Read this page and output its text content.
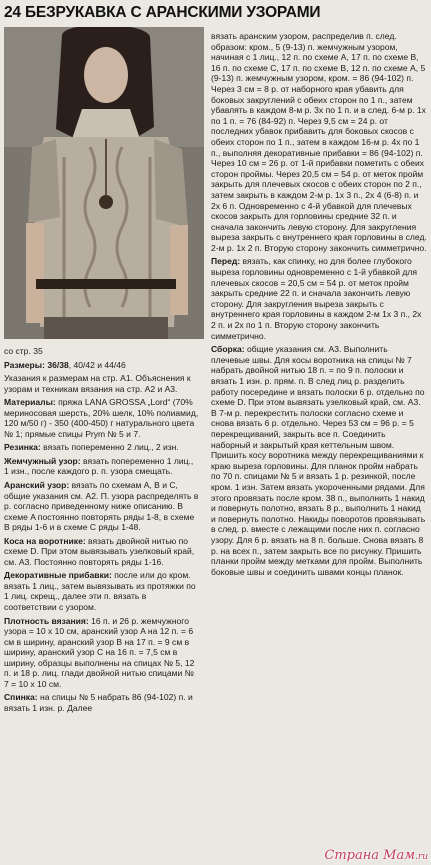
24 БЕЗРУКАВКА С АРАНСКИМИ УЗОРАМИ

со стр. 35

Размеры: 36/38, 40/42 и 44/46

Указания к размерам на стр. А1. Объяснения к узорам и техникам вязания на стр. А2 и А3.

Материалы: пряжа LANA GROSSA „Lord“ (70% мериносовая шерсть, 20% шелк, 10% полиамид, 120 м/50 г) - 350 (400-450) г натурального цвета № 1; прямые спицы Prym № 5 и 7.

Резинка: вязать попеременно 2 лиц., 2 изн.

Жемчужный узор: вязать попеременно 1 лиц., 1 изн., после каждого р. п. узора смещать.

Аранский узор: вязать по схемам A, B и C, общие указания см. A2. П. узора распределять в р. согласно приведенному ниже описанию. В схеме A постоянно повторять ряды 1-8, в схеме B ряды 1-6 и в схеме C ряды 1-48.

Коса на воротнике: вязать двойной нитью по схеме D. При этом вывязывать узелковый край, см. А3. Постоянно повторять ряды 1-16.

Декоративные прибавки: после или до кром. вязать 1 лиц., затем вывязывать из протяжки по 1 лиц. скрещ., далее эти п. вязать в соответствии с узором.

Плотность вязания: 16 п. и 26 р. жемчужного узора = 10 х 10 см, аранский узор A на 12 п. = 6 см в ширину, аранский узор B на 17 п. = 9 см в ширину, аранский узор C на 16 п. = 7,5 см в ширину, образцы выполнены на спицах № 5, 12 п. и 18 р. лиц. глади двойной нитью спицами № 7 = 10 х 10 см.

Спинка: на спицы № 5 набрать 86 (94-102) п. и вязать 1 изн. р. Далее

вязать аранским узором, распределив п. след. образом: кром., 5 (9-13) п. жемчужным узором, начиная с 1 лиц., 12 п. по схеме A, 17 п. по схеме B, 16 п. по схеме C, 17 п. по схеме B, 12 п. по схеме A, 5 (9-13) п. жемчужным узором, кром. = 86 (94-102) п. Через 3 см = 8 р. от наборного края убавить для боковых закруглений с обеих сторон по 1 п., затем убавлять в каждом 8-м р. 3х по 1 п. и в след. 6-м р. 1х по 1 п. = 76 (84-92) п. Через 9,5 см = 24 р. от последних убавок прибавить для боковых скосов с обеих сторон по 1 п., затем в каждом 16-м р. 4х по 1 п., выполняя декоративные прибавки = 86 (94-102) п. Через 10 см = 26 р. от 1-й прибавки пометить с обеих сторон проймы. Через 20,5 см = 54 р. от меток пройм закрыть для плечевых скосов с обеих сторон по 2 п., затем закрыть в каждом 2-м р. 1х 3 п., 2х 4 (6-8) п. и 2х 6 п. Одновременно с 4-й убавкой для плечевых скосов закрыть для горловины средние 32 п. и сначала закончить левую сторону. Для закругления выреза закрыть с внутреннего края горловины в след. 2-м р. 1х 2 п. Вторую сторону закончить симметрично.

Перед: вязать, как спинку, но для более глубокого выреза горловины одновременно с 1-й убавкой для плечевых скосов = 20,5 см = 54 р. от меток пройм закрыть средние 22 п. и сначала закончить левую сторону. Для закругления выреза закрыть с внутреннего края горловины в каждом 2-м 1х 3 п., 2х 2 п. и 2х по 1 п. Вторую сторону закончить симметрично.

Сборка: общие указания см. А3. Выполнить плечевые швы. Для косы воротника на спицы № 7 набрать двойной нитью 18 п. = по 9 п. полоски и вязать 1 изн. р. прям. п. В след лиц р. разделить работу посередине и вязать полоски 6 р. отдельно по схеме D. При этом вывязать узелковый край, см. А3. В 7-м р. перекрестить полоски согласно схеме и снова вязать 6 р. отдельно. Через 53 см = 96 р. = 5 перекрещиваний, закрыть все п. Соединить наборный и закрытый края кеттельным швом. Пришить косу воротника между перекрещиваниями к краю выреза горловины. Для планок пройм набрать по 70 п. спицами № 5 и вязать 1 р. резинкой, после кром. 1 изн. Затем вязать укороченными рядами. Для этого провязать после кром. 38 п., выполнить 1 накид и повернуть полотно, вязать 8 р., выполнить 1 накид и повернуть полотно. Накиды поворотов провязывать в след. р. вместе с лежащими после них п. согласно узору. Для 6 р. вязать на 8 п. больше. Снова вязать 8 р. на всех п., затем закрыть все по рисунку. Пришить планки пройм между метками для пройм. Выполнить боковые швы и соединить швами концы планок.

Страна Мам.ru
